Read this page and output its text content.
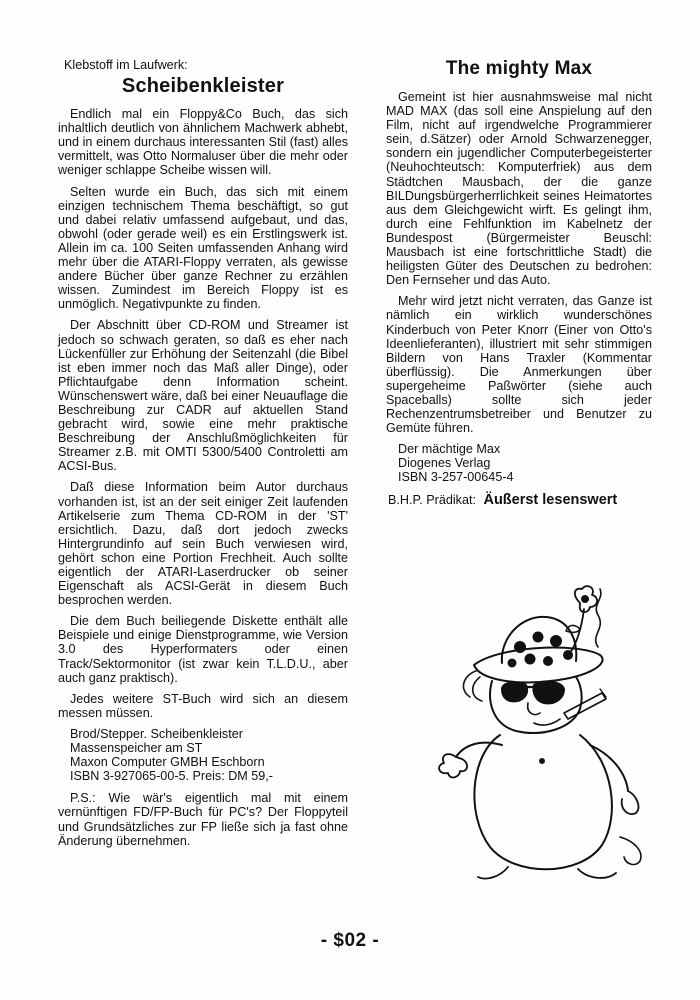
Klebstoff im Laufwerk:
Scheibenkleister

Endlich mal ein Floppy&Co Buch, das sich inhaltlich deutlich von ähnlichem Machwerk abhebt, und in einem durchaus interessanten Stil (fast) alles vermittelt, was Otto Normaluser über die mehr oder weniger schlappe Scheibe wissen will.

Selten wurde ein Buch, das sich mit einem einzigen technischem Thema beschäftigt, so gut und dabei relativ umfassend aufgebaut, und das, obwohl (oder gerade weil) es ein Erstlingswerk ist. Allein im ca. 100 Seiten umfassenden Anhang wird mehr über die ATARI-Floppy verraten, als gewisse andere Bücher über ganze Rechner zu erzählen wissen. Zumindest im Bereich Floppy ist es unmöglich. Negativpunkte zu finden.

Der Abschnitt über CD-ROM und Streamer ist jedoch so schwach geraten, so daß es eher nach Lückenfüller zur Erhöhung der Seitenzahl (die Bibel ist eben immer noch das Maß aller Dinge), oder Pflichtaufgabe denn Information scheint. Wünschenswert wäre, daß bei einer Neuauflage die Beschreibung zur CADR auf aktuellen Stand gebracht wird, sowie eine mehr praktische Beschreibung der Anschlußmöglichkeiten für Streamer z.B. mit OMTI 5300/5400 Controletti am ACSI-Bus.

Daß diese Information beim Autor durchaus vorhanden ist, ist an der seit einiger Zeit laufenden Artikelserie zum Thema CD-ROM in der 'ST' ersichtlich. Dazu, daß dort jedoch zwecks Hintergrundinfo auf sein Buch verwiesen wird, gehört schon eine Portion Frechheit. Auch sollte eigentlich der ATARI-Laserdrucker ob seiner Eigenschaft als ACSI-Gerät in diesem Buch besprochen werden.

Die dem Buch beiliegende Diskette enthält alle Beispiele und einige Dienstprogramme, wie Version 3.0 des Hyperformaters oder einen Track/Sektormonitor (ist zwar kein T.L.D.U., aber auch ganz praktisch).

Jedes weitere ST-Buch wird sich an diesem messen müssen.

Brod/Stepper. Scheibenkleister
Massenspeicher am ST
Maxon Computer GMBH Eschborn
ISBN 3-927065-00-5. Preis: DM 59,-

P.S.: Wie wär's eigentlich mal mit einem vernünftigen FD/FP-Buch für PC's? Der Floppyteil und Grundsätzliches zur FP ließe sich ja fast ohne Änderung übernehmen.

The mighty Max

Gemeint ist hier ausnahmsweise mal nicht MAD MAX (das soll eine Anspielung auf den Film, nicht auf irgendwelche Programmierer sein, d.Sätzer) oder Arnold Schwarzenegger, sondern ein jugendlicher Computerbegeisterter (Neuhochteutsch: Komputerfriek) aus dem Städtchen Mausbach, der die ganze BILDungsbürgerherrlichkeit seines Heimatortes aus dem Gleichgewicht wirft. Es gelingt ihm, durch eine Fehlfunktion im Kabelnetz der Bundespost (Bürgermeister Beuschl: Mausbach ist eine fortschrittliche Stadt) die heiligsten Güter des Deutschen zu bedrohen: Den Fernseher und das Auto.

Mehr wird jetzt nicht verraten, das Ganze ist nämlich ein wirklich wunderschönes Kinderbuch von Peter Knorr (Einer von Otto's Ideenlieferanten), illustriert mit sehr stimmigen Bildern von Hans Traxler (Kommentar überflüssig). Die Anmerkungen über supergeheime Paßwörter (siehe auch Spaceballs) sollte sich jeder Rechenzentrumsbetreiber und Benutzer zu Gemüte führen.

Der mächtige Max
Diogenes Verlag
ISBN 3-257-00645-4
B.H.P. Prädikat: Äußerst lesenswert
- $02 -
